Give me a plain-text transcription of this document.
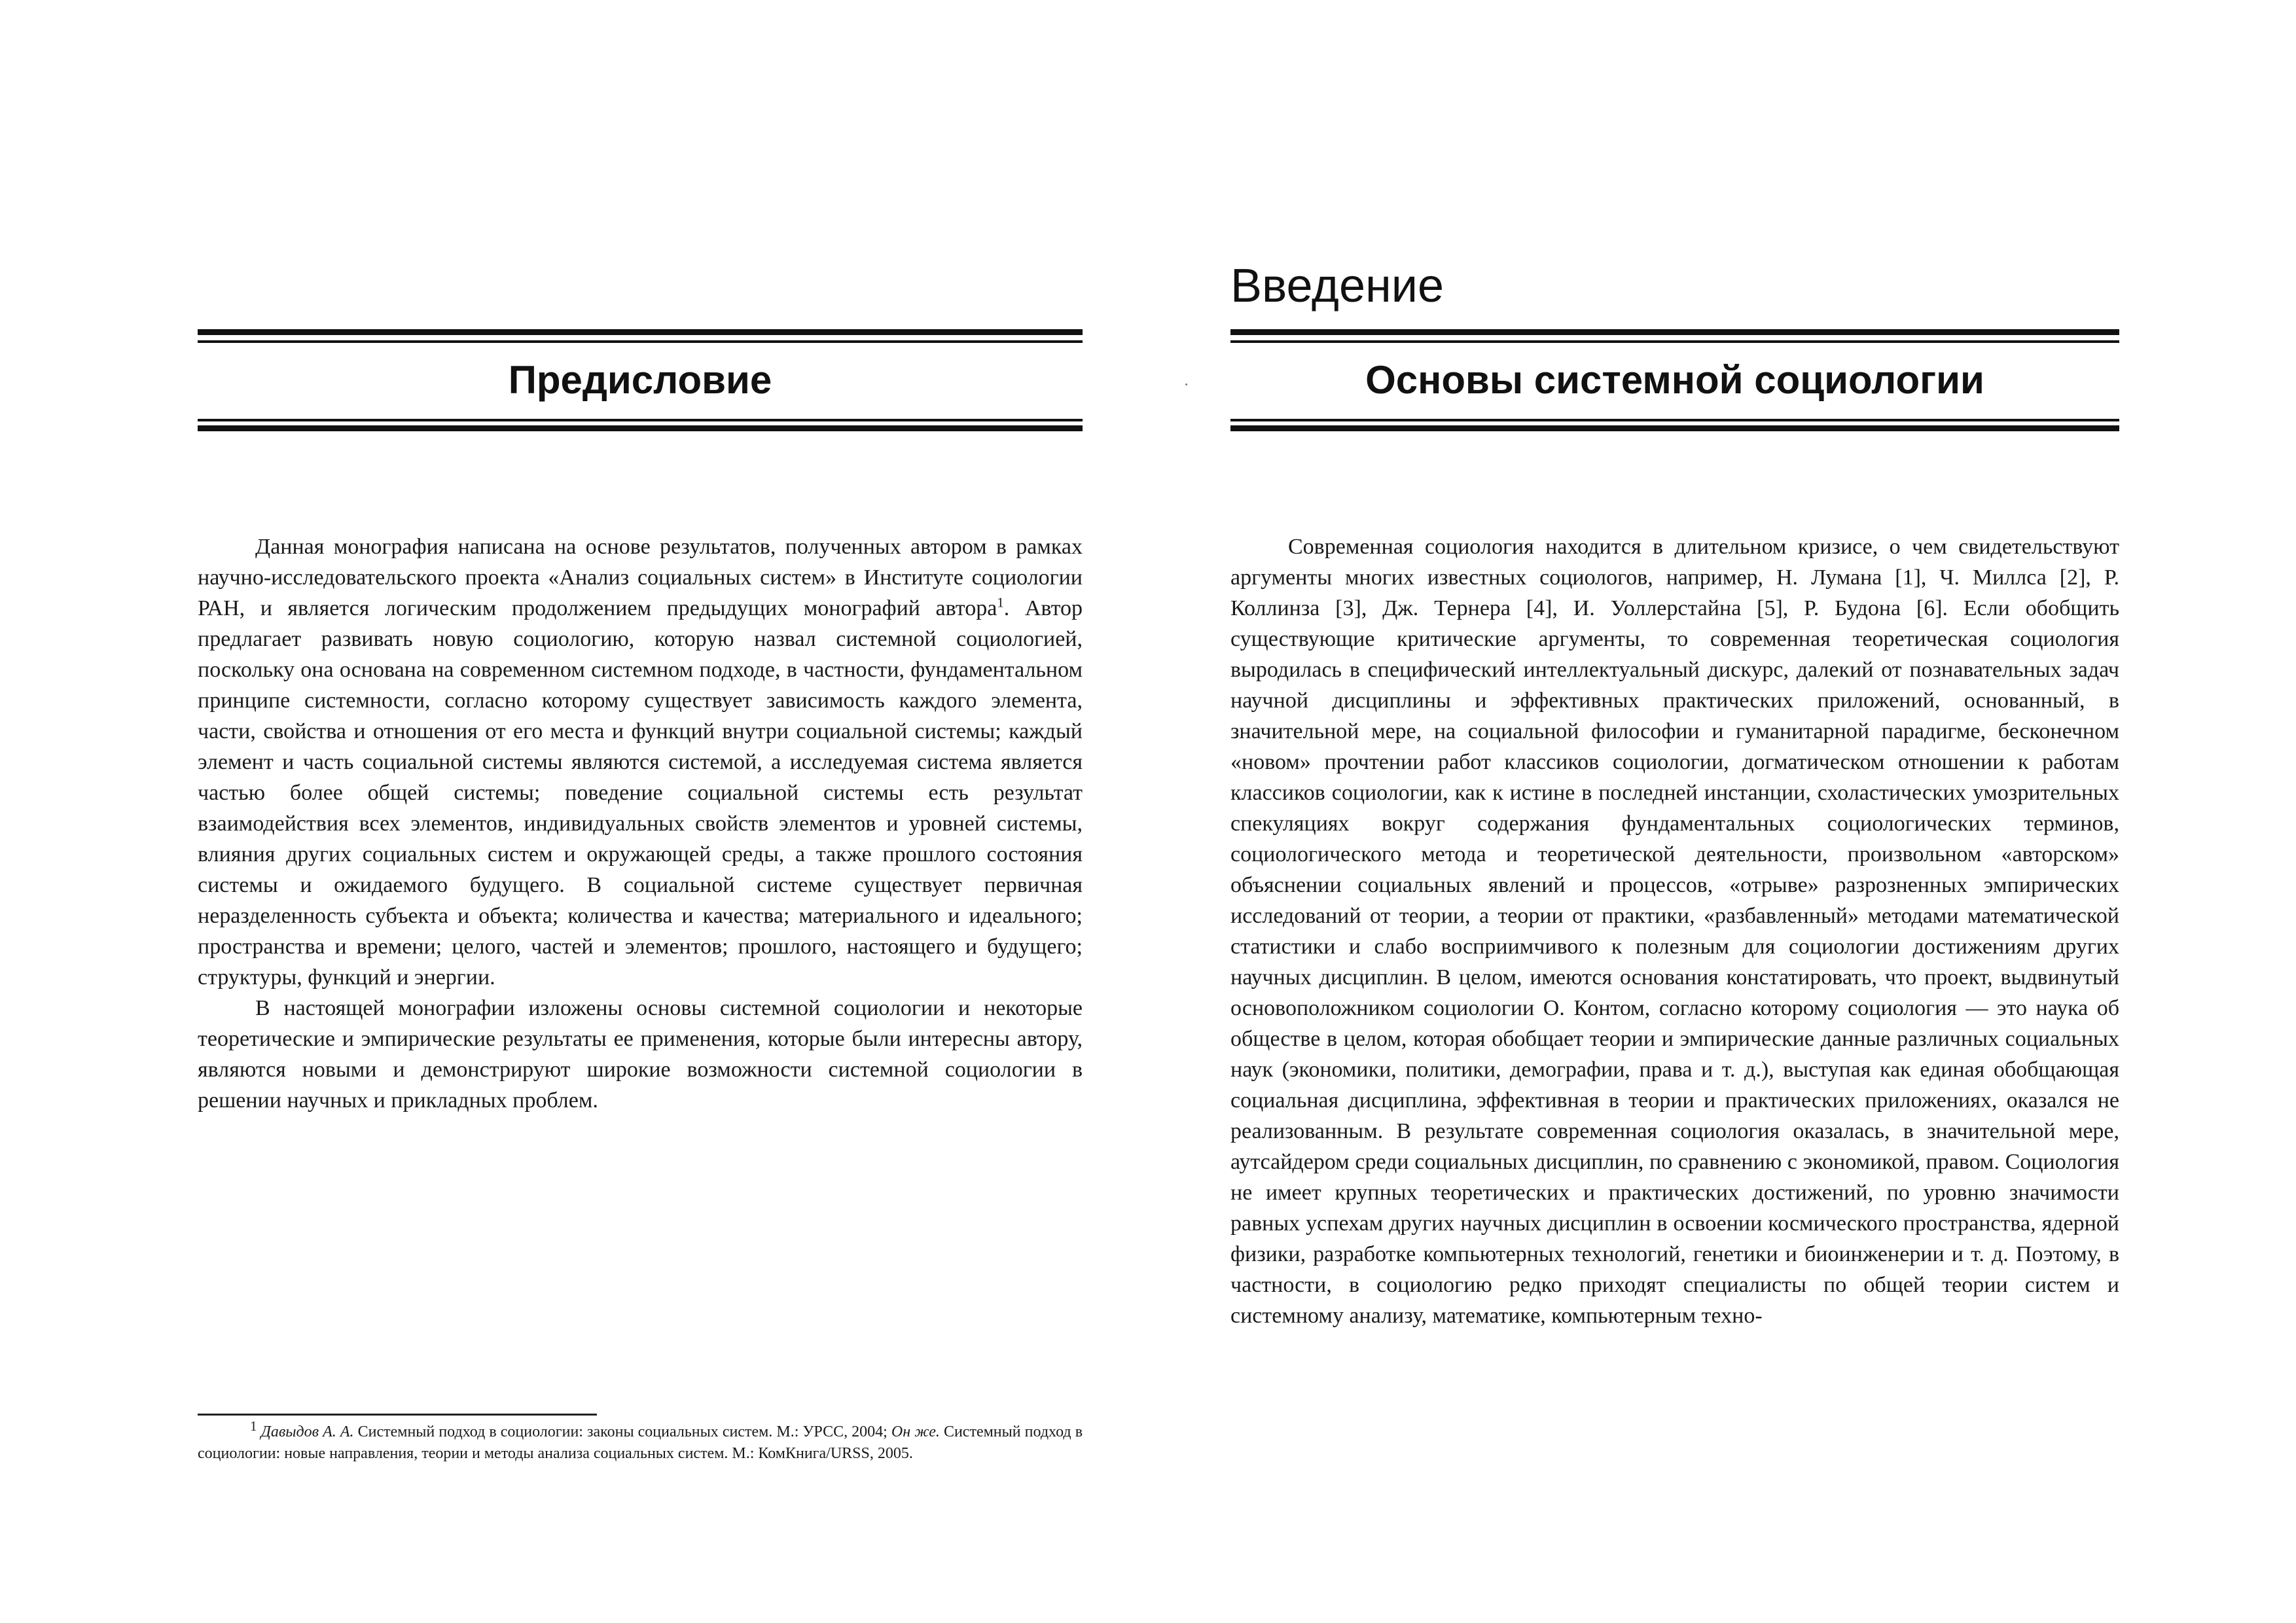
Предисловие

Данная монография написана на основе результатов, полученных автором в рамках научно-исследовательского проекта «Анализ социальных систем» в Институте социологии РАН, и является логическим продолжением предыдущих монографий автора$^1$. Автор предлагает развивать новую социологию, которую назвал системной социологией, поскольку она основана на современном системном подходе, в частности, фундаментальном принципе системности, согласно которому существует зависимость каждого элемента, части, свойства и отношения от его места и функций внутри социальной системы; каждый элемент и часть социальной системы являются системой, а исследуемая система является частью более общей системы; поведение социальной системы есть результат взаимодействия всех элементов, индивидуальных свойств элементов и уровней системы, влияния других социальных систем и окружающей среды, а также прошлого состояния системы и ожидаемого будущего. В социальной системе существует первичная неразделенность субъекта и объекта; количества и качества; материального и идеального; пространства и времени; целого, частей и элементов; прошлого, настоящего и будущего; структуры, функций и энергии.

В настоящей монографии изложены основы системной социологии и некоторые теоретические и эмпирические результаты ее применения, которые были интересны автору, являются новыми и демонстрируют широкие возможности системной социологии в решении научных и прикладных проблем.

1 Давыдов А. А. Системный подход в социологии: законы социальных систем. М.: УРСС, 2004; Он же. Системный подход в социологии: новые направления, теории и методы анализа социальных систем. М.: КомКнига/URSS, 2005.

Введение
Основы системной социологии

Современная социология находится в длительном кризисе, о чем свидетельствуют аргументы многих известных социологов, например, Н. Лумана [1], Ч. Миллса [2], Р. Коллинза [3], Дж. Тернера [4], И. Уоллерстайна [5], Р. Будона [6]. Если обобщить существующие критические аргументы, то современная теоретическая социология выродилась в специфический интеллектуальный дискурс, далекий от познавательных задач научной дисциплины и эффективных практических приложений, основанный, в значительной мере, на социальной философии и гуманитарной парадигме, бесконечном «новом» прочтении работ классиков социологии, догматическом отношении к работам классиков социологии, как к истине в последней инстанции, схоластических умозрительных спекуляциях вокруг содержания фундаментальных социологических терминов, социологического метода и теоретической деятельности, произвольном «авторском» объяснении социальных явлений и процессов, «отрыве» разрозненных эмпирических исследований от теории, а теории от практики, «разбавленный» методами математической статистики и слабо восприимчивого к полезным для социологии достижениям других научных дисциплин. В целом, имеются основания констатировать, что проект, выдвинутый основоположником социологии О. Контом, согласно которому социология — это наука об обществе в целом, которая обобщает теории и эмпирические данные различных социальных наук (экономики, политики, демографии, права и т. д.), выступая как единая обобщающая социальная дисциплина, эффективная в теории и практических приложениях, оказался не реализованным. В результате современная социология оказалась, в значительной мере, аутсайдером среди социальных дисциплин, по сравнению с экономикой, правом. Социология не имеет крупных теоретических и практических достижений, по уровню значимости равных успехам других научных дисциплин в освоении космического пространства, ядерной физики, разработке компьютерных технологий, генетики и биоинженерии и т. д. Поэтому, в частности, в социологию редко приходят специалисты по общей теории систем и системному анализу, математике, компьютерным техно-
